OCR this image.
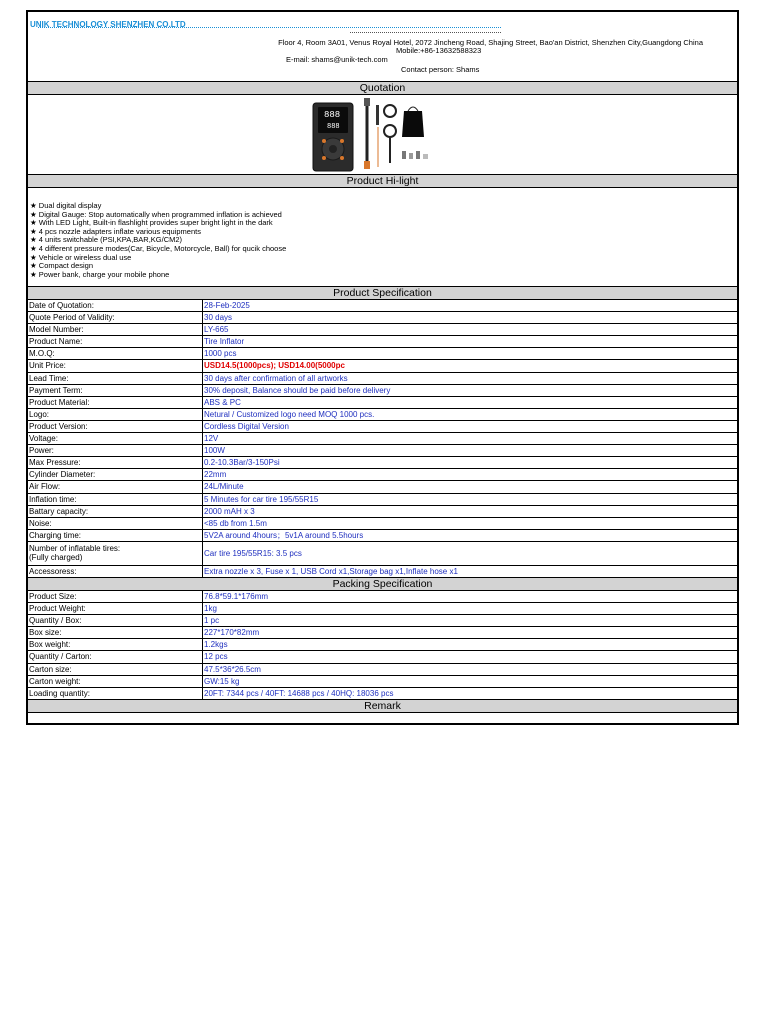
UNIK TECHNOLOGY SHENZHEN CO.LTD
Floor 4, Room 3A01, Venus Royal Hotel, 2072 Jincheng Road, Shajing Street, Bao'an District, Shenzhen City,Guangdong China
Mobile:+86-13632588323
E-mail: shams@unik-tech.com
Contact person: Shams
Quotation
888
888
Product Hi-light
★ Dual digital display
★ Digital Gauge: Stop automatically when programmed inflation is achieved
★ With LED Light, Built-in flashlight provides super bright light in the dark
★ 4 pcs nozzle adapters inflate various equipments
★ 4 units switchable (PSI,KPA,BAR,KG/CM2)
★ 4 different pressure modes(Car, Bicycle, Motorcycle, Ball) for qucik choose
★ Vehicle or wireless dual use
★ Compact design
★ Power bank, charge your mobile phone
Product Specification
Date of Quotation:	28-Feb-2025
Quote Period of Validity:	30 days
Model Number:	LY-665
Product Name:	Tire Inflator
M.O.Q:	1000 pcs
Unit Price:	USD14.5(1000pcs); USD14.00(5000pc
Lead Time:	30 days after confirmation of all artworks
Payment Term:	30% deposit, Balance should be paid before delivery
Product Material:	ABS & PC
Logo:	Netural / Customized logo need MOQ 1000 pcs.
Product Version:	Cordless Digital Version
Voltage:	12V
Power:	100W
Max Pressure:	0.2-10.3Bar/3-150Psi
Cylinder Diameter:	22mm
Air Flow:	24L/Minute
Inflation time:	5 Minutes for car tire 195/55R15
Battary capacity:	2000 mAH x 3
Noise:	<85 db from 1.5m
Charging time:	5V2A around 4hours；5v1A around 5.5hours
Number of inflatable tires:
(Fully charged)	Car tire 195/55R15: 3.5 pcs
Accessoress:	Extra nozzle x 3, Fuse x 1, USB Cord x1,Storage bag x1,Inflate hose x1
Packing Specification
Product Size:	76.8*59.1*176mm
Product Weight:	1kg
Quantity / Box:	1 pc
Box size:	227*170*82mm
Box weight:	1.2kgs
Quantity / Carton:	12 pcs
Carton size:	47.5*36*26.5cm
Carton weight:	GW:15 kg
Loading quantity:	20FT: 7344 pcs / 40FT: 14688 pcs / 40HQ: 18036 pcs
Remark
